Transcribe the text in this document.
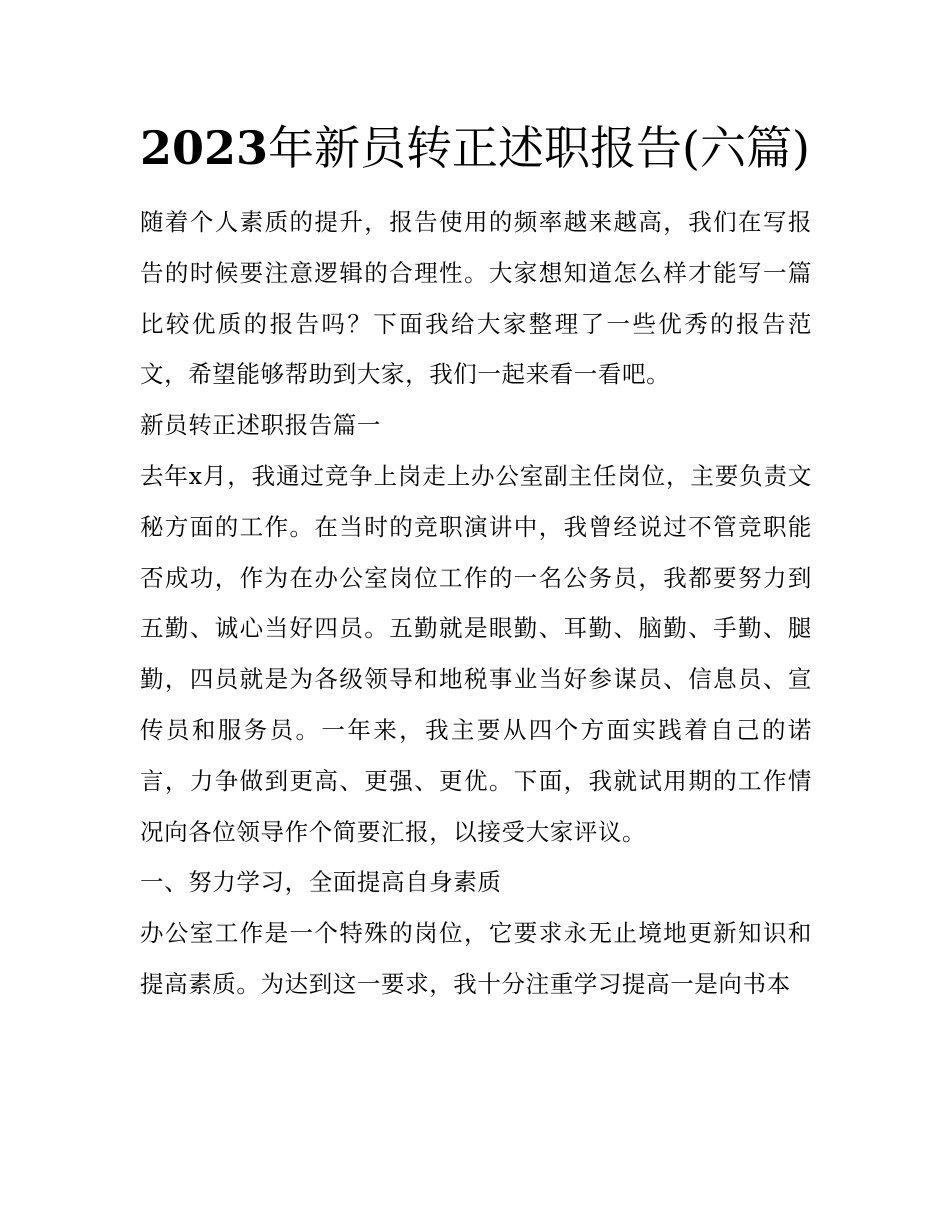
2023年新员转正述职报告(六篇)

随着个人素质的提升，报告使用的频率越来越高，我们在写报告的时候要注意逻辑的合理性。大家想知道怎么样才能写一篇比较优质的报告吗？下面我给大家整理了一些优秀的报告范文，希望能够帮助到大家，我们一起来看一看吧。

新员转正述职报告篇一

去年x月，我通过竞争上岗走上办公室副主任岗位，主要负责文秘方面的工作。在当时的竞职演讲中，我曾经说过不管竞职能否成功，作为在办公室岗位工作的一名公务员，我都要努力到五勤、诚心当好四员。五勤就是眼勤、耳勤、脑勤、手勤、腿勤，四员就是为各级领导和地税事业当好参谋员、信息员、宣传员和服务员。一年来，我主要从四个方面实践着自己的诺言，力争做到更高、更强、更优。下面，我就试用期的工作情况向各位领导作个简要汇报，以接受大家评议。

一、努力学习，全面提高自身素质

办公室工作是一个特殊的岗位，它要求永无止境地更新知识和提高素质。为达到这一要求，我十分注重学习提高一是向书本
